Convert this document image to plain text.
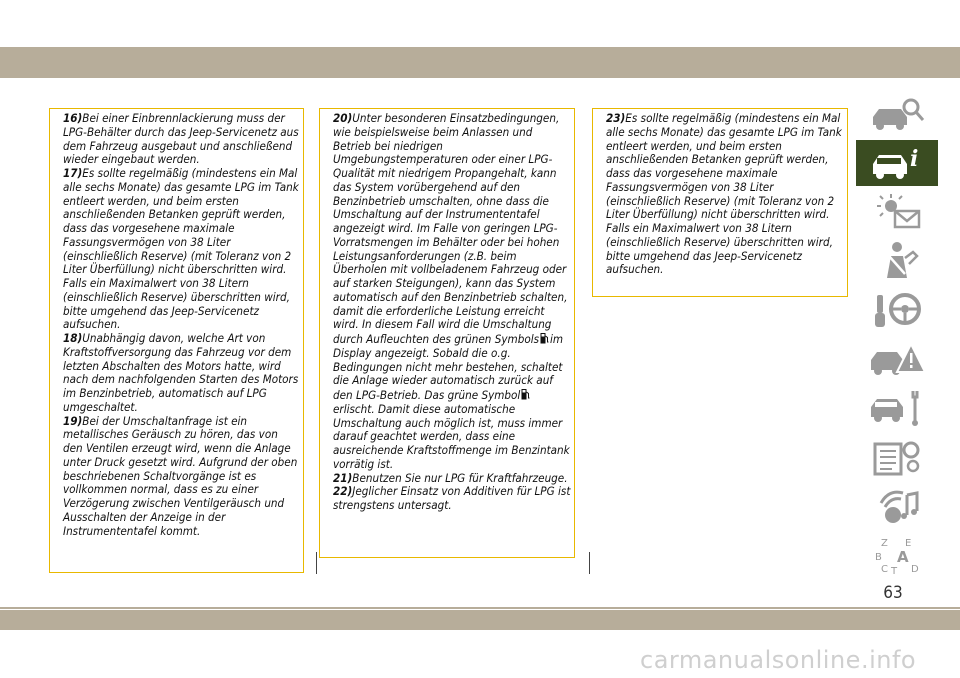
16)Bei einer Einbrennlackierung muss der LPG-Behälter durch das Jeep-Servicenetz aus dem Fahrzeug ausgebaut und anschließend wieder eingebaut werden.

17)Es sollte regelmäßig (mindestens ein Mal alle sechs Monate) das gesamte LPG im Tank entleert werden, und beim ersten anschließenden Betanken geprüft werden, dass das vorgesehene maximale Fassungsvermögen von 38 Liter (einschließlich Reserve) (mit Toleranz von 2 Liter Überfüllung) nicht überschritten wird. Falls ein Maximalwert von 38 Litern (einschließlich Reserve) überschritten wird, bitte umgehend das Jeep-Servicenetz aufsuchen.

18)Unabhängig davon, welche Art von Kraftstoffversorgung das Fahrzeug vor dem letzten Abschalten des Motors hatte, wird nach dem nachfolgenden Starten des Motors im Benzinbetrieb, automatisch auf LPG umgeschaltet.

19)Bei der Umschaltanfrage ist ein metallisches Geräusch zu hören, das von den Ventilen erzeugt wird, wenn die Anlage unter Druck gesetzt wird. Aufgrund der oben beschriebenen Schaltvorgänge ist es vollkommen normal, dass es zu einer Verzögerung zwischen Ventilgeräusch und Ausschalten der Anzeige in der Instrumententafel kommt.

20)Unter besonderen Einsatzbedingungen, wie beispielsweise beim Anlassen und Betrieb bei niedrigen Umgebungstemperaturen oder einer LPG-Qualität mit niedrigem Propangehalt, kann das System vorübergehend auf den Benzinbetrieb umschalten, ohne dass die Umschaltung auf der Instrumententafel angezeigt wird. Im Falle von geringen LPG-Vorratsmengen im Behälter oder bei hohen Leistungsanforderungen (z.B. beim Überholen mit vollbeladenem Fahrzeug oder auf starken Steigungen), kann das System automatisch auf den Benzinbetrieb schalten, damit die erforderliche Leistung erreicht wird. In diesem Fall wird die Umschaltung durch Aufleuchten des grünen Symbols im Display angezeigt. Sobald die o.g. Bedingungen nicht mehr bestehen, schaltet die Anlage wieder automatisch zurück auf den LPG-Betrieb. Das grüne Symbolerlischt. Damit diese automatische Umschaltung auch möglich ist, muss immer darauf geachtet werden, dass eine ausreichende Kraftstoffmenge im Benzintank vorrätig ist.

21)Benutzen Sie nur LPG für Kraftfahrzeuge.

22)Jeglicher Einsatz von Additiven für LPG ist strengstens untersagt.

23)Es sollte regelmäßig (mindestens ein Mal alle sechs Monate) das gesamte LPG im Tank entleert werden, und beim ersten anschließenden Betanken geprüft werden, dass das vorgesehene maximale Fassungsvermögen von 38 Liter (einschließlich Reserve) (mit Toleranz von 2 Liter Überfüllung) nicht überschritten wird. Falls ein Maximalwert von 38 Litern (einschließlich Reserve) überschritten wird, bitte umgehend das Jeep-Servicenetz aufsuchen.

i
Z E
B A
C T D
63
carmanualsonline.info
